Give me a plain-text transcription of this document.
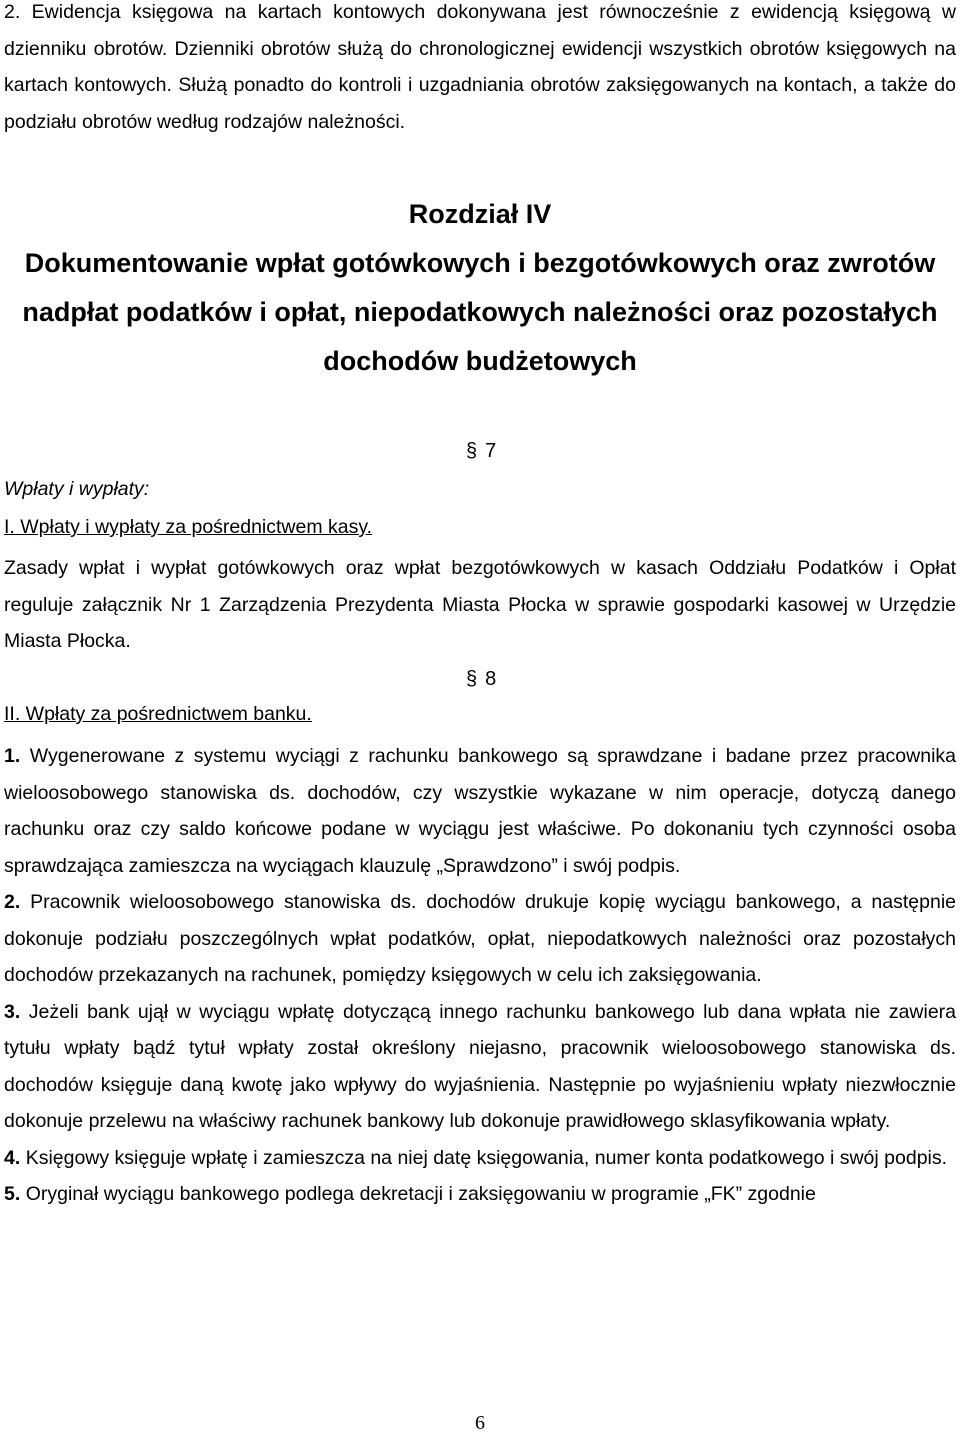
2. Ewidencja księgowa na kartach kontowych dokonywana jest równocześnie z ewidencją księgową w dzienniku obrotów. Dzienniki obrotów służą do chronologicznej ewidencji wszystkich obrotów księgowych na kartach kontowych. Służą ponadto do kontroli i uzgadniania obrotów zaksięgowanych na kontach, a także do podziału obrotów według rodzajów należności.

Rozdział IV
Dokumentowanie wpłat gotówkowych i bezgotówkowych oraz zwrotów nadpłat podatków i opłat, niepodatkowych należności oraz pozostałych dochodów budżetowych
§ 7
Wpłaty i wypłaty:
I. Wpłaty i wypłaty za pośrednictwem kasy.

Zasady wpłat i wypłat gotówkowych oraz wpłat bezgotówkowych w kasach Oddziału Podatków i Opłat reguluje załącznik Nr 1 Zarządzenia Prezydenta Miasta Płocka w sprawie gospodarki kasowej w Urzędzie Miasta Płocka.

§ 8
II. Wpłaty za pośrednictwem banku.

1. Wygenerowane z systemu wyciągi z rachunku bankowego są sprawdzane i badane przez pracownika wieloosobowego stanowiska ds. dochodów, czy wszystkie wykazane w nim operacje, dotyczą danego rachunku oraz czy saldo końcowe podane w wyciągu jest właściwe. Po dokonaniu tych czynności osoba sprawdzająca zamieszcza na wyciągach klauzulę „Sprawdzono” i swój podpis.

2. Pracownik wieloosobowego stanowiska ds. dochodów drukuje kopię wyciągu bankowego, a następnie dokonuje podziału poszczególnych wpłat podatków, opłat, niepodatkowych należności oraz pozostałych dochodów przekazanych na rachunek, pomiędzy księgowych w celu ich zaksięgowania.

3. Jeżeli bank ujął w wyciągu wpłatę dotyczącą innego rachunku bankowego lub dana wpłata nie zawiera tytułu wpłaty bądź tytuł wpłaty został określony niejasno, pracownik wieloosobowego stanowiska ds. dochodów księguje daną kwotę jako wpływy do wyjaśnienia. Następnie po wyjaśnieniu wpłaty niezwłocznie dokonuje przelewu na właściwy rachunek bankowy lub dokonuje prawidłowego sklasyfikowania wpłaty.

4. Księgowy księguje wpłatę i zamieszcza na niej datę księgowania, numer konta podatkowego i swój podpis.

5. Oryginał wyciągu bankowego podlega dekretacji i zaksięgowaniu w programie „FK” zgodnie

6
